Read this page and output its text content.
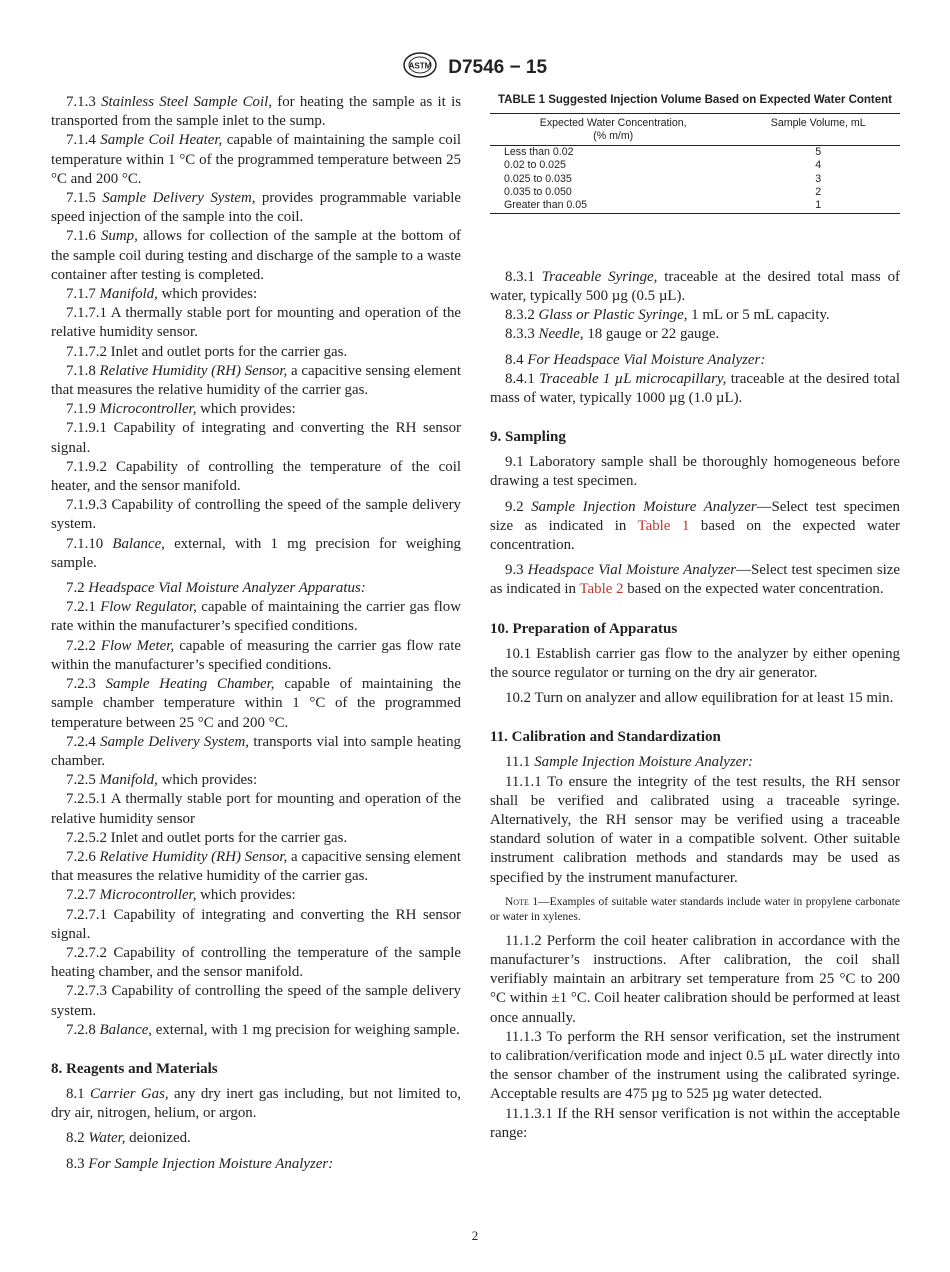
ASTM D7546 − 15

7.1.3 Stainless Steel Sample Coil, for heating the sample as it is transported from the sample inlet to the sump.

7.1.4 Sample Coil Heater, capable of maintaining the sample coil temperature within 1 °C of the programmed temperature between 25 °C and 200 °C.

7.1.5 Sample Delivery System, provides programmable variable speed injection of the sample into the coil.

7.1.6 Sump, allows for collection of the sample at the bottom of the sample coil during testing and discharge of the sample to a waste container after testing is completed.

7.1.7 Manifold, which provides:

7.1.7.1 A thermally stable port for mounting and operation of the relative humidity sensor.

7.1.7.2 Inlet and outlet ports for the carrier gas.

7.1.8 Relative Humidity (RH) Sensor, a capacitive sensing element that measures the relative humidity of the carrier gas.

7.1.9 Microcontroller, which provides:

7.1.9.1 Capability of integrating and converting the RH sensor signal.

7.1.9.2 Capability of controlling the temperature of the coil heater, and the sensor manifold.

7.1.9.3 Capability of controlling the speed of the sample delivery system.

7.1.10 Balance, external, with 1 mg precision for weighing sample.

7.2 Headspace Vial Moisture Analyzer Apparatus:

7.2.1 Flow Regulator, capable of maintaining the carrier gas flow rate within the manufacturer’s specified conditions.

7.2.2 Flow Meter, capable of measuring the carrier gas flow rate within the manufacturer’s specified conditions.

7.2.3 Sample Heating Chamber, capable of maintaining the sample chamber temperature within 1 °C of the programmed temperature between 25 °C and 200 °C.

7.2.4 Sample Delivery System, transports vial into sample heating chamber.

7.2.5 Manifold, which provides:

7.2.5.1 A thermally stable port for mounting and operation of the relative humidity sensor

7.2.5.2 Inlet and outlet ports for the carrier gas.

7.2.6 Relative Humidity (RH) Sensor, a capacitive sensing element that measures the relative humidity of the carrier gas.

7.2.7 Microcontroller, which provides:

7.2.7.1 Capability of integrating and converting the RH sensor signal.

7.2.7.2 Capability of controlling the temperature of the sample heating chamber, and the sensor manifold.

7.2.7.3 Capability of controlling the speed of the sample delivery system.

7.2.8 Balance, external, with 1 mg precision for weighing sample.

8. Reagents and Materials

8.1 Carrier Gas, any dry inert gas including, but not limited to, dry air, nitrogen, helium, or argon.

8.2 Water, deionized.

8.3 For Sample Injection Moisture Analyzer:

TABLE 1 Suggested Injection Volume Based on Expected Water Content
Expected Water Concentration,
(% m/m)	Sample Volume, mL
Less than 0.02	5
0.02 to 0.025	4
0.025 to 0.035	3
0.035 to 0.050	2
Greater than 0.05	1

8.3.1 Traceable Syringe, traceable at the desired total mass of water, typically 500 µg (0.5 µL).

8.3.2 Glass or Plastic Syringe, 1 mL or 5 mL capacity.

8.3.3 Needle, 18 gauge or 22 gauge.

8.4 For Headspace Vial Moisture Analyzer:

8.4.1 Traceable 1 µL microcapillary, traceable at the desired total mass of water, typically 1000 µg (1.0 µL).

9. Sampling

9.1 Laboratory sample shall be thoroughly homogeneous before drawing a test specimen.

9.2 Sample Injection Moisture Analyzer—Select test specimen size as indicated in Table 1 based on the expected water concentration.

9.3 Headspace Vial Moisture Analyzer—Select test specimen size as indicated in Table 2 based on the expected water concentration.

10. Preparation of Apparatus

10.1 Establish carrier gas flow to the analyzer by either opening the source regulator or turning on the dry air generator.

10.2 Turn on analyzer and allow equilibration for at least 15 min.

11. Calibration and Standardization

11.1 Sample Injection Moisture Analyzer:

11.1.1 To ensure the integrity of the test results, the RH sensor shall be verified and calibrated using a traceable syringe. Alternatively, the RH sensor may be verified using a traceable standard solution of water in a compatible solvent. Other suitable instrument calibration methods and standards may be used as specified by the instrument manufacturer.

Note 1—Examples of suitable water standards include water in propylene carbonate or water in xylenes.

11.1.2 Perform the coil heater calibration in accordance with the manufacturer’s instructions. After calibration, the coil shall verifiably maintain an arbitrary set temperature from 25 °C to 200 °C within ±1 °C. Coil heater calibration should be performed at least once annually.

11.1.3 To perform the RH sensor verification, set the instrument to calibration/verification mode and inject 0.5 µL water directly into the sensor chamber of the instrument using the calibrated syringe. Acceptable results are 475 µg to 525 µg water detected.

11.1.3.1 If the RH sensor verification is not within the acceptable range:

2
